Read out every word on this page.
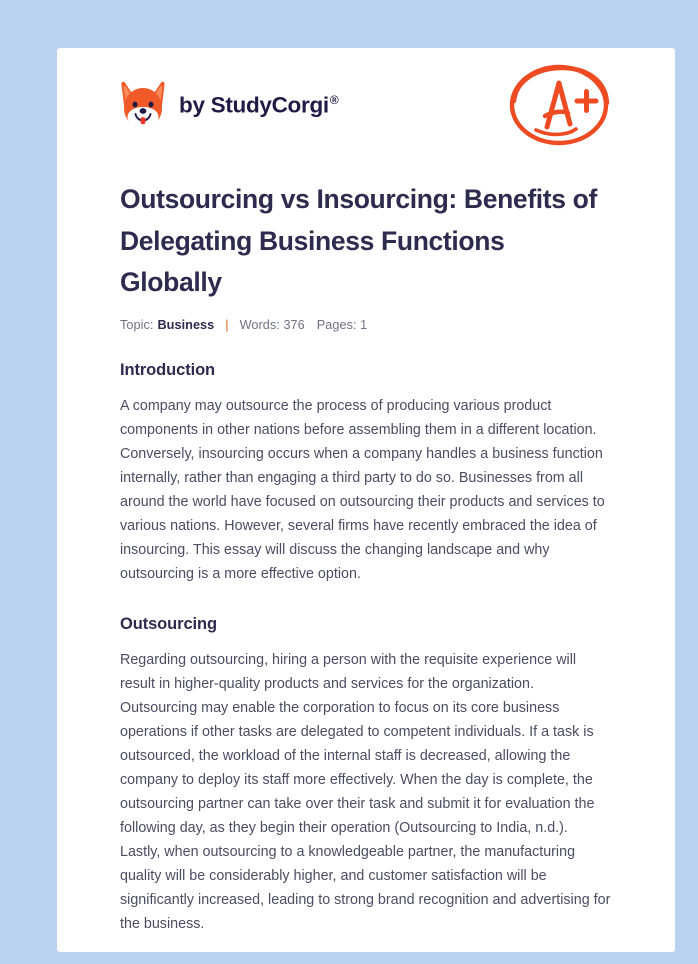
by StudyCorgi®
Outsourcing vs Insourcing: Benefits of Delegating Business Functions Globally
Topic: Business | Words: 376 Pages: 1
Introduction

A company may outsource the process of producing various product components in other nations before assembling them in a different location. Conversely, insourcing occurs when a company handles a business function internally, rather than engaging a third party to do so. Businesses from all around the world have focused on outsourcing their products and services to various nations. However, several firms have recently embraced the idea of insourcing. This essay will discuss the changing landscape and why outsourcing is a more effective option.

Outsourcing

Regarding outsourcing, hiring a person with the requisite experience will result in higher-quality products and services for the organization. Outsourcing may enable the corporation to focus on its core business operations if other tasks are delegated to competent individuals. If a task is outsourced, the workload of the internal staff is decreased, allowing the company to deploy its staff more effectively. When the day is complete, the outsourcing partner can take over their task and submit it for evaluation the following day, as they begin their operation (Outsourcing to India, n.d.). Lastly, when outsourcing to a knowledgeable partner, the manufacturing quality will be considerably higher, and customer satisfaction will be significantly increased, leading to strong brand recognition and advertising for the business.
